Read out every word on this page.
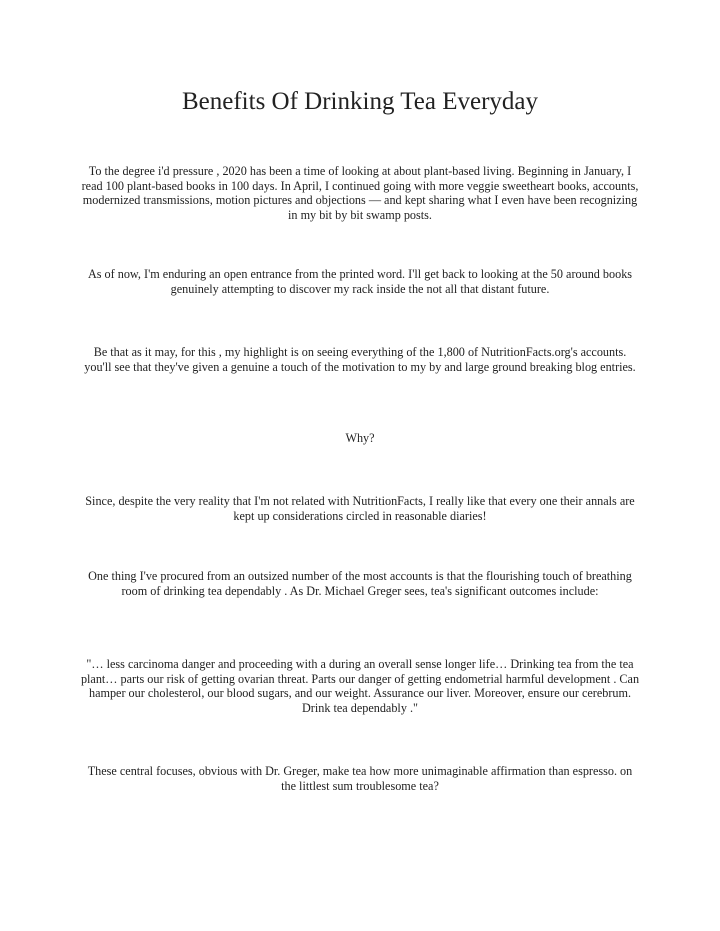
Benefits Of Drinking Tea Everyday

To the degree i'd pressure , 2020 has been a time of looking at about plant-based living. Beginning in January, I read 100 plant-based books in 100 days. In April, I continued going with more veggie sweetheart books, accounts, modernized transmissions, motion pictures and objections — and kept sharing what I even have been recognizing in my bit by bit swamp posts.

As of now, I'm enduring an open entrance from the printed word. I'll get back to looking at the 50 around books genuinely attempting to discover my rack inside the not all that distant future.

Be that as it may, for this , my highlight is on seeing everything of the 1,800 of NutritionFacts.org's accounts. you'll see that they've given a genuine a touch of the motivation to my by and large ground breaking blog entries.

Why?

Since, despite the very reality that I'm not related with NutritionFacts, I really like that every one their annals are kept up considerations circled in reasonable diaries!

One thing I've procured from an outsized number of the most accounts is that the flourishing touch of breathing room of drinking tea dependably . As Dr. Michael Greger sees, tea's significant outcomes include:

"… less carcinoma danger and proceeding with a during an overall sense longer life… Drinking tea from the tea plant… parts our risk of getting ovarian threat. Parts our danger of getting endometrial harmful development . Can hamper our cholesterol, our blood sugars, and our weight. Assurance our liver. Moreover, ensure our cerebrum. Drink tea dependably ."

These central focuses, obvious with Dr. Greger, make tea how more unimaginable affirmation than espresso. on the littlest sum troublesome tea?
